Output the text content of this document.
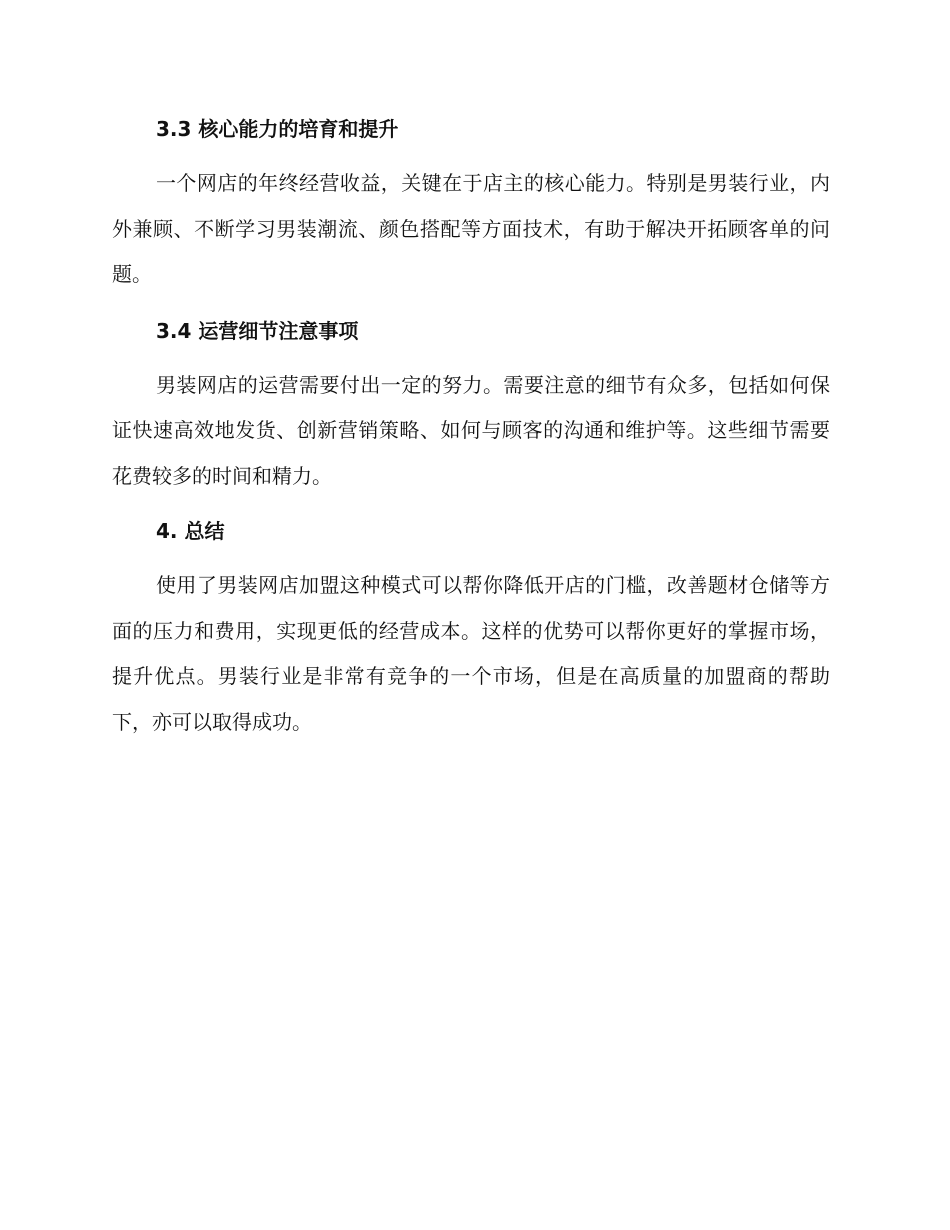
3.3 核心能力的培育和提升

一个网店的年终经营收益，关键在于店主的核心能力。特别是男装行业，内外兼顾、不断学习男装潮流、颜色搭配等方面技术，有助于解决开拓顾客单的问题。

3.4 运营细节注意事项

男装网店的运营需要付出一定的努力。需要注意的细节有众多，包括如何保证快速高效地发货、创新营销策略、如何与顾客的沟通和维护等。这些细节需要花费较多的时间和精力。

4. 总结

使用了男装网店加盟这种模式可以帮你降低开店的门槛，改善题材仓储等方面的压力和费用，实现更低的经营成本。这样的优势可以帮你更好的掌握市场，提升优点。男装行业是非常有竞争的一个市场，但是在高质量的加盟商的帮助下，亦可以取得成功。
